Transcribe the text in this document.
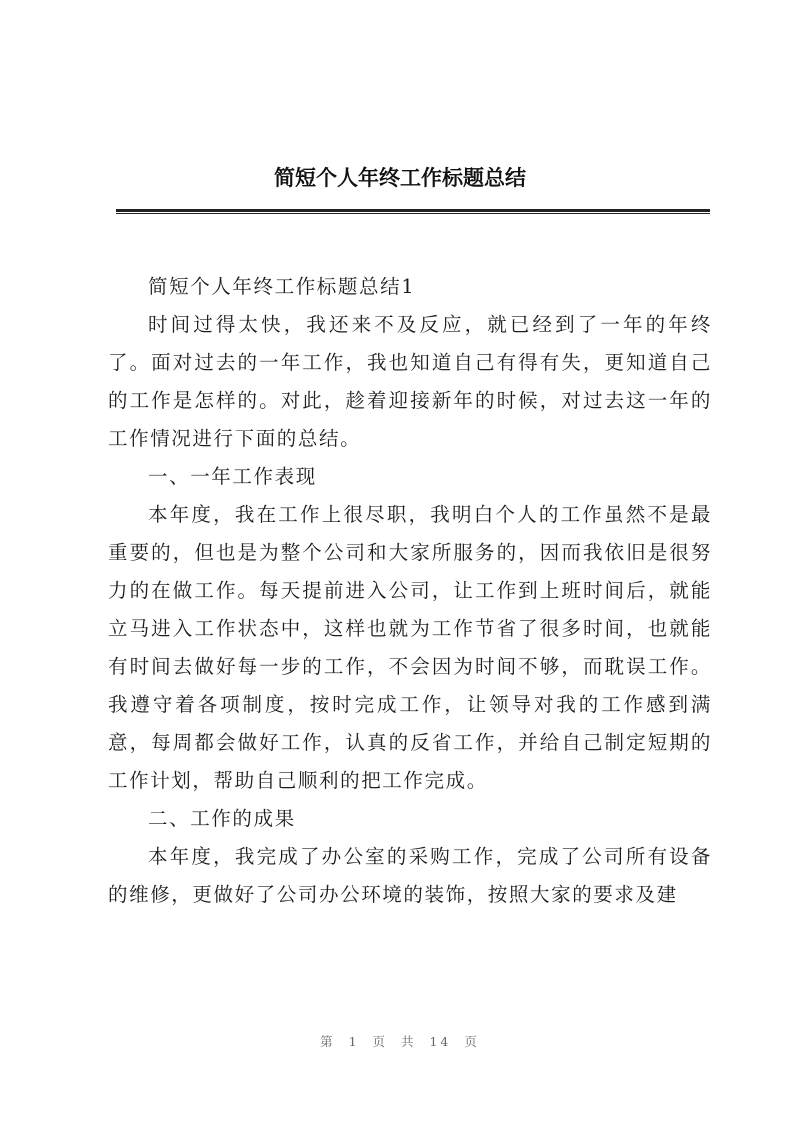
简短个人年终工作标题总结

简短个人年终工作标题总结1

时间过得太快，我还来不及反应，就已经到了一年的年终了。面对过去的一年工作，我也知道自己有得有失，更知道自己的工作是怎样的。对此，趁着迎接新年的时候，对过去这一年的工作情况进行下面的总结。

一、一年工作表现

本年度，我在工作上很尽职，我明白个人的工作虽然不是最重要的，但也是为整个公司和大家所服务的，因而我依旧是很努力的在做工作。每天提前进入公司，让工作到上班时间后，就能立马进入工作状态中，这样也就为工作节省了很多时间，也就能有时间去做好每一步的工作，不会因为时间不够，而耽误工作。我遵守着各项制度，按时完成工作，让领导对我的工作感到满意，每周都会做好工作，认真的反省工作，并给自己制定短期的工作计划，帮助自己顺利的把工作完成。

二、工作的成果

本年度，我完成了办公室的采购工作，完成了公司所有设备的维修，更做好了公司办公环境的装饰，按照大家的要求及建

第 1 页 共 14 页
